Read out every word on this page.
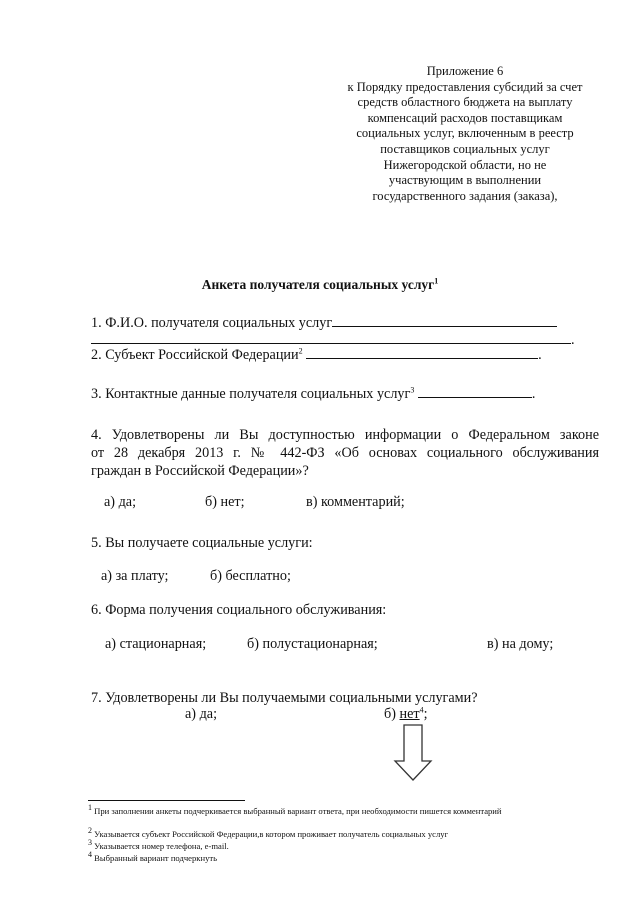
Приложение 6
к Порядку предоставления субсидий за счет
средств областного бюджета на выплату
компенсаций расходов поставщикам
социальных услуг, включенным в реестр
поставщиков социальных услуг
Нижегородской области, но не
участвующим в выполнении
государственного задания (заказа),
Анкета получателя социальных услуг$^1$
1. Ф.И.О. получателя социальных услуг
.
2. Субъект Российской Федерации$^2$	.
3. Контактные данные получателя социальных услуг$^3$	.
4. Удовлетворены ли Вы доступностью информации о Федеральном законе
от 28 декабря 2013 г. № 442-ФЗ «Об основах социального обслуживания
граждан в Российской Федерации»?
а) да;	б) нет;	в) комментарий;
5. Вы получаете социальные услуги:
а) за плату;	б) бесплатно;
6. Форма получения социального обслуживания:
а) стационарная;	б) полустационарная;	в) на дому;
7. Удовлетворены ли Вы получаемыми социальными услугами?
а) да;	б) нет$^4$;
$^1$ При заполнении анкеты подчеркивается выбранный вариант ответа, при необходимости пишется комментарий
$^2$ Указывается субъект Российской Федерации,в котором проживает получатель социальных услуг
$^3$ Указывается номер телефона, e-mail.
$^4$ Выбранный вариант подчеркнуть
